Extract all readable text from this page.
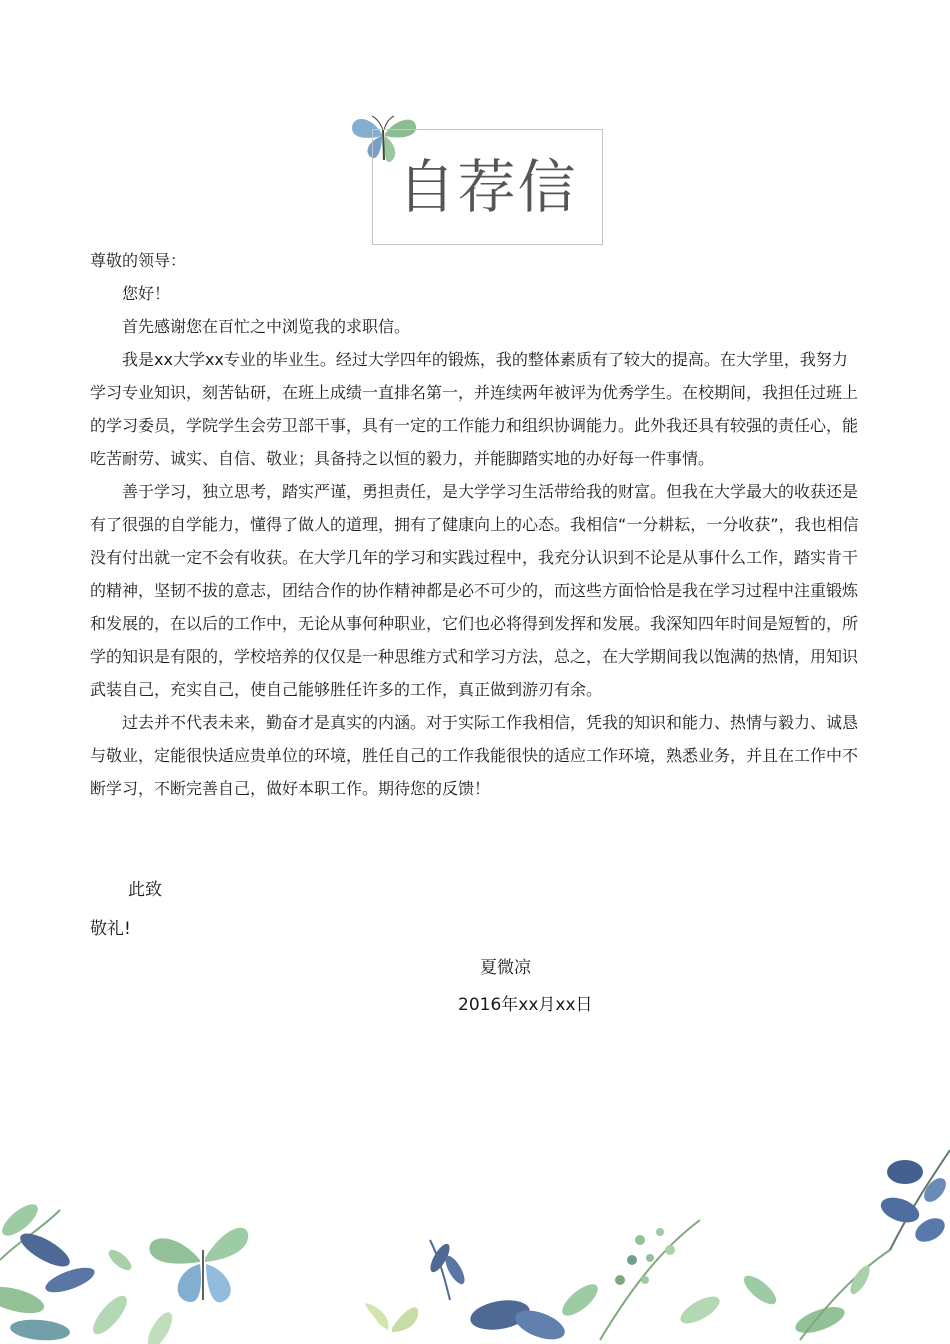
自荐信

尊敬的领导：

您好！

首先感谢您在百忙之中浏览我的求职信。

我是xx大学xx专业的毕业生。经过大学四年的锻炼，我的整体素质有了较大的提高。在大学里，我努力学习专业知识，刻苦钻研，在班上成绩一直排名第一，并连续两年被评为优秀学生。在校期间，我担任过班上的学习委员，学院学生会劳卫部干事，具有一定的工作能力和组织协调能力。此外我还具有较强的责任心，能吃苦耐劳、诚实、自信、敬业；具备持之以恒的毅力，并能脚踏实地的办好每一件事情。

善于学习，独立思考，踏实严谨，勇担责任，是大学学习生活带给我的财富。但我在大学最大的收获还是有了很强的自学能力，懂得了做人的道理，拥有了健康向上的心态。我相信“一分耕耘，一分收获”，我也相信没有付出就一定不会有收获。在大学几年的学习和实践过程中，我充分认识到不论是从事什么工作，踏实肯干的精神，坚韧不拔的意志，团结合作的协作精神都是必不可少的，而这些方面恰恰是我在学习过程中注重锻炼和发展的，在以后的工作中，无论从事何种职业，它们也必将得到发挥和发展。我深知四年时间是短暂的，所学的知识是有限的，学校培养的仅仅是一种思维方式和学习方法，总之，在大学期间我以饱满的热情，用知识武装自己，充实自己，使自己能够胜任许多的工作，真正做到游刃有余。

过去并不代表未来，勤奋才是真实的内涵。对于实际工作我相信，凭我的知识和能力、热情与毅力、诚恳与敬业，定能很快适应贵单位的环境，胜任自己的工作我能很快的适应工作环境，熟悉业务，并且在工作中不断学习，不断完善自己，做好本职工作。期待您的反馈！

此致
敬礼!
夏微凉
2016年xx月xx日
